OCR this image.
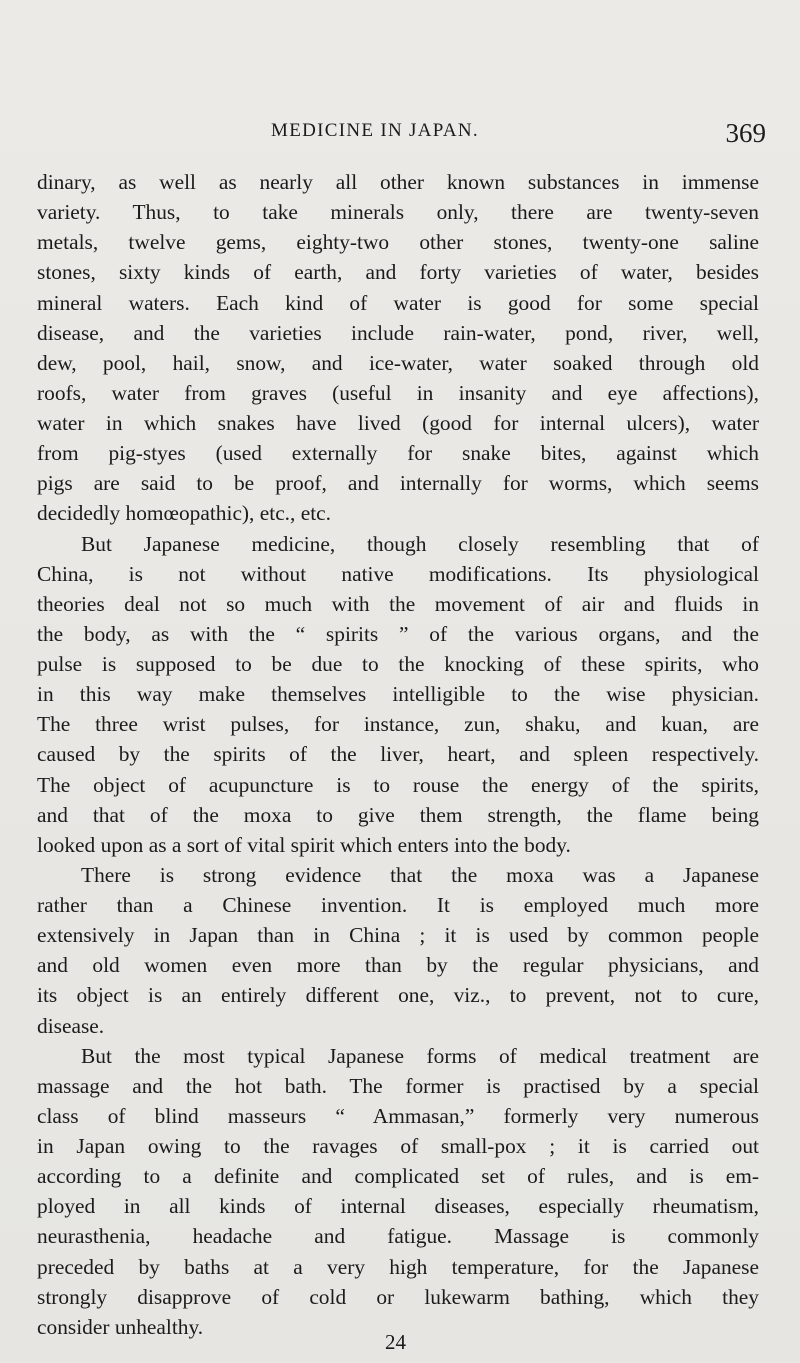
MEDICINE IN JAPAN.	369
dinary, as well as nearly all other known substances in immense
variety. Thus, to take minerals only, there are twenty-seven
metals, twelve gems, eighty-two other stones, twenty-one saline
stones, sixty kinds of earth, and forty varieties of water, besides
mineral waters. Each kind of water is good for some special
disease, and the varieties include rain-water, pond, river, well,
dew, pool, hail, snow, and ice-water, water soaked through old
roofs, water from graves (useful in insanity and eye affections),
water in which snakes have lived (good for internal ulcers), water
from pig-styes (used externally for snake bites, against which
pigs are said to be proof, and internally for worms, which seems
decidedly homœopathic), etc., etc.
But Japanese medicine, though closely resembling that of
China, is not without native modifications. Its physiological
theories deal not so much with the movement of air and fluids in
the body, as with the “ spirits ” of the various organs, and the
pulse is supposed to be due to the knocking of these spirits, who
in this way make themselves intelligible to the wise physician.
The three wrist pulses, for instance, zun, shaku, and kuan, are
caused by the spirits of the liver, heart, and spleen respectively.
The object of acupuncture is to rouse the energy of the spirits,
and that of the moxa to give them strength, the flame being
looked upon as a sort of vital spirit which enters into the body.
There is strong evidence that the moxa was a Japanese
rather than a Chinese invention. It is employed much more
extensively in Japan than in China ; it is used by common people
and old women even more than by the regular physicians, and
its object is an entirely different one, viz., to prevent, not to cure,
disease.
But the most typical Japanese forms of medical treatment are
massage and the hot bath. The former is practised by a special
class of blind masseurs “ Ammasan,” formerly very numerous
in Japan owing to the ravages of small-pox ; it is carried out
according to a definite and complicated set of rules, and is em-
ployed in all kinds of internal diseases, especially rheumatism,
neurasthenia, headache and fatigue. Massage is commonly
preceded by baths at a very high temperature, for the Japanese
strongly disapprove of cold or lukewarm bathing, which they
consider unhealthy.
24
